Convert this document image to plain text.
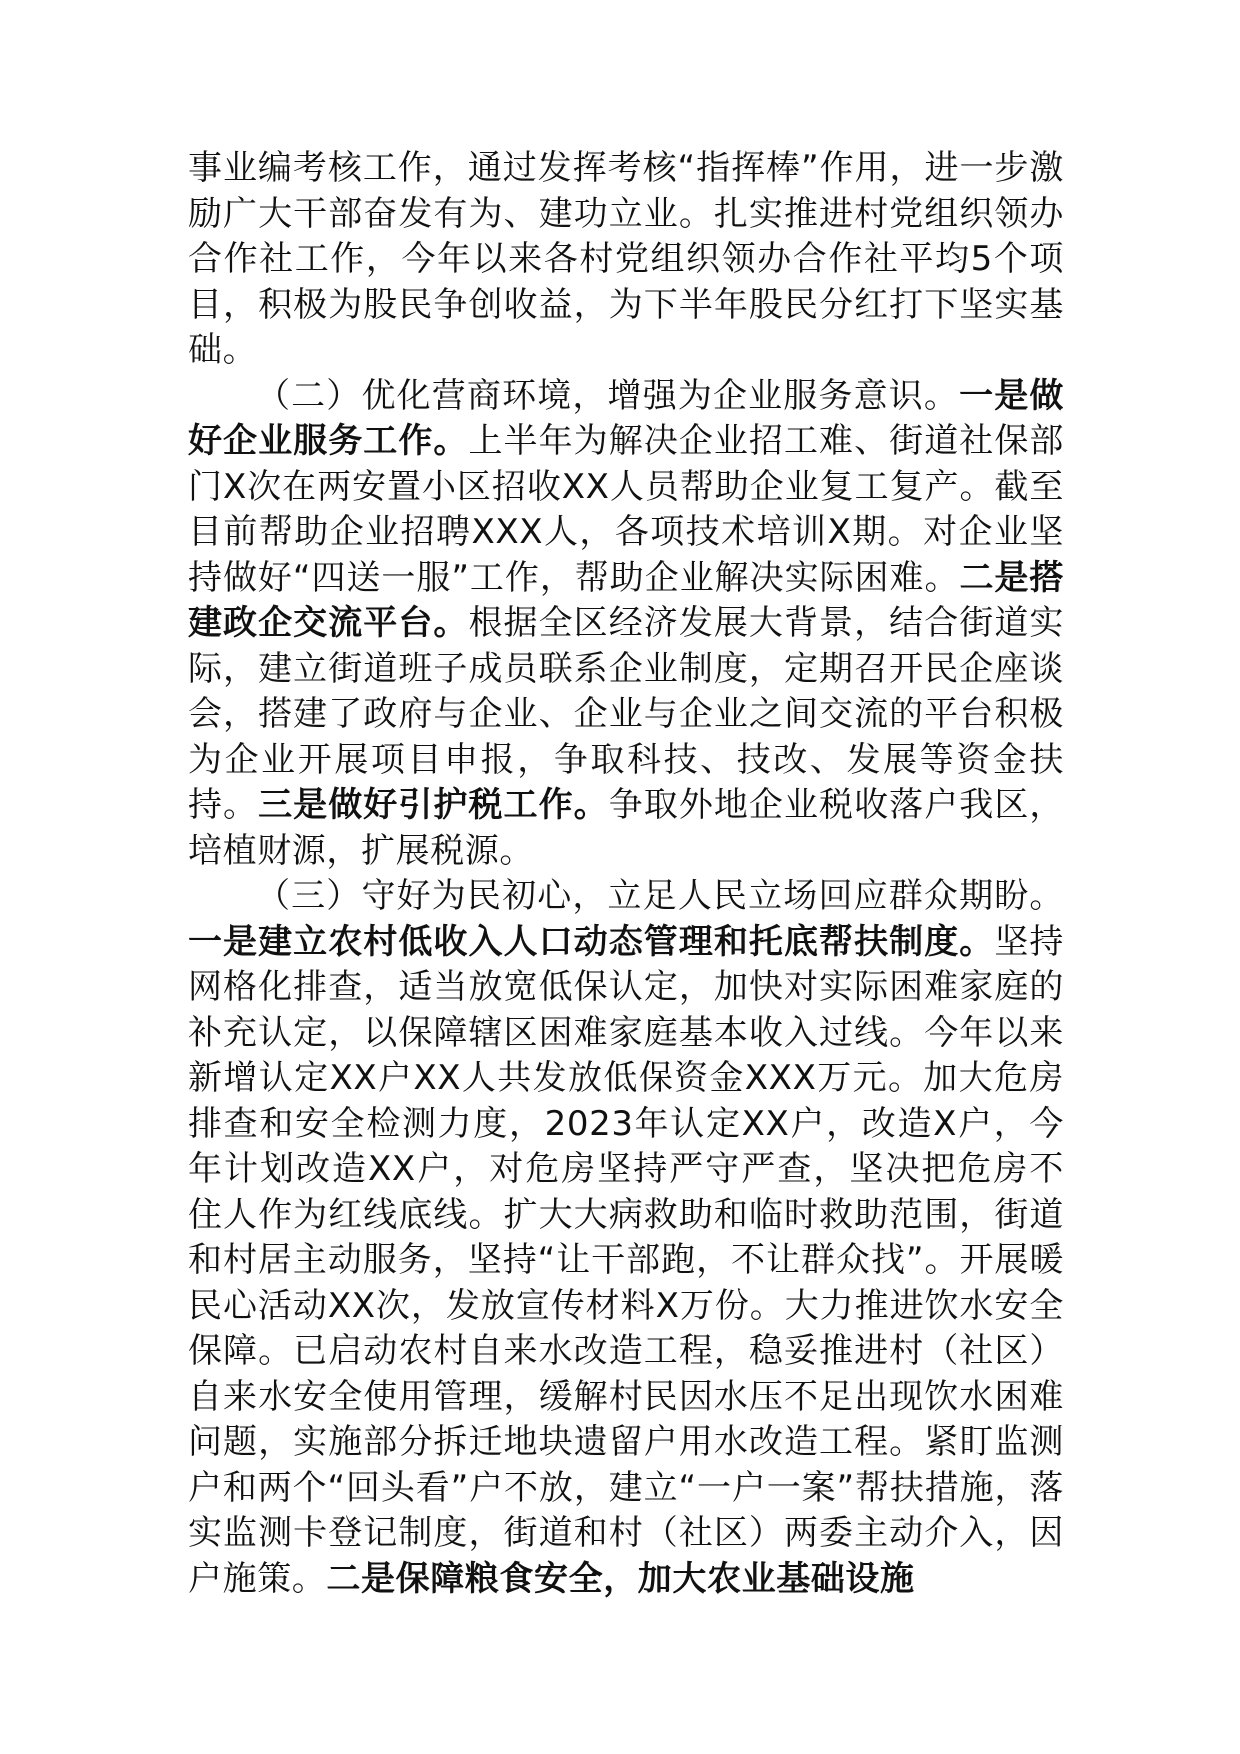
事业编考核工作，通过发挥考核“指挥棒”作用，进一步激励广大干部奋发有为、建功立业。扎实推进村党组织领办合作社工作，今年以来各村党组织领办合作社平均5个项目，积极为股民争创收益，为下半年股民分红打下坚实基础。

（二）优化营商环境，增强为企业服务意识。一是做好企业服务工作。上半年为解决企业招工难、街道社保部门X次在两安置小区招收XX人员帮助企业复工复产。截至目前帮助企业招聘XXX人，各项技术培训X期。对企业坚持做好“四送一服”工作，帮助企业解决实际困难。二是搭建政企交流平台。根据全区经济发展大背景，结合街道实际，建立街道班子成员联系企业制度，定期召开民企座谈会，搭建了政府与企业、企业与企业之间交流的平台积极为企业开展项目申报，争取科技、技改、发展等资金扶持。三是做好引护税工作。争取外地企业税收落户我区，培植财源，扩展税源。

（三）守好为民初心，立足人民立场回应群众期盼。一是建立农村低收入人口动态管理和托底帮扶制度。坚持网格化排查，适当放宽低保认定，加快对实际困难家庭的补充认定，以保障辖区困难家庭基本收入过线。今年以来新增认定XX户XX人共发放低保资金XXX万元。加大危房排查和安全检测力度，2023年认定XX户，改造X户，今年计划改造XX户，对危房坚持严守严查，坚决把危房不住人作为红线底线。扩大大病救助和临时救助范围，街道和村居主动服务，坚持“让干部跑，不让群众找”。开展暖民心活动XX次，发放宣传材料X万份。大力推进饮水安全保障。已启动农村自来水改造工程，稳妥推进村（社区）自来水安全使用管理，缓解村民因水压不足出现饮水困难问题，实施部分拆迁地块遗留户用水改造工程。紧盯监测户和两个“回头看”户不放，建立“一户一案”帮扶措施，落实监测卡登记制度，街道和村（社区）两委主动介入，因户施策。二是保障粮食安全，加大农业基础设施
